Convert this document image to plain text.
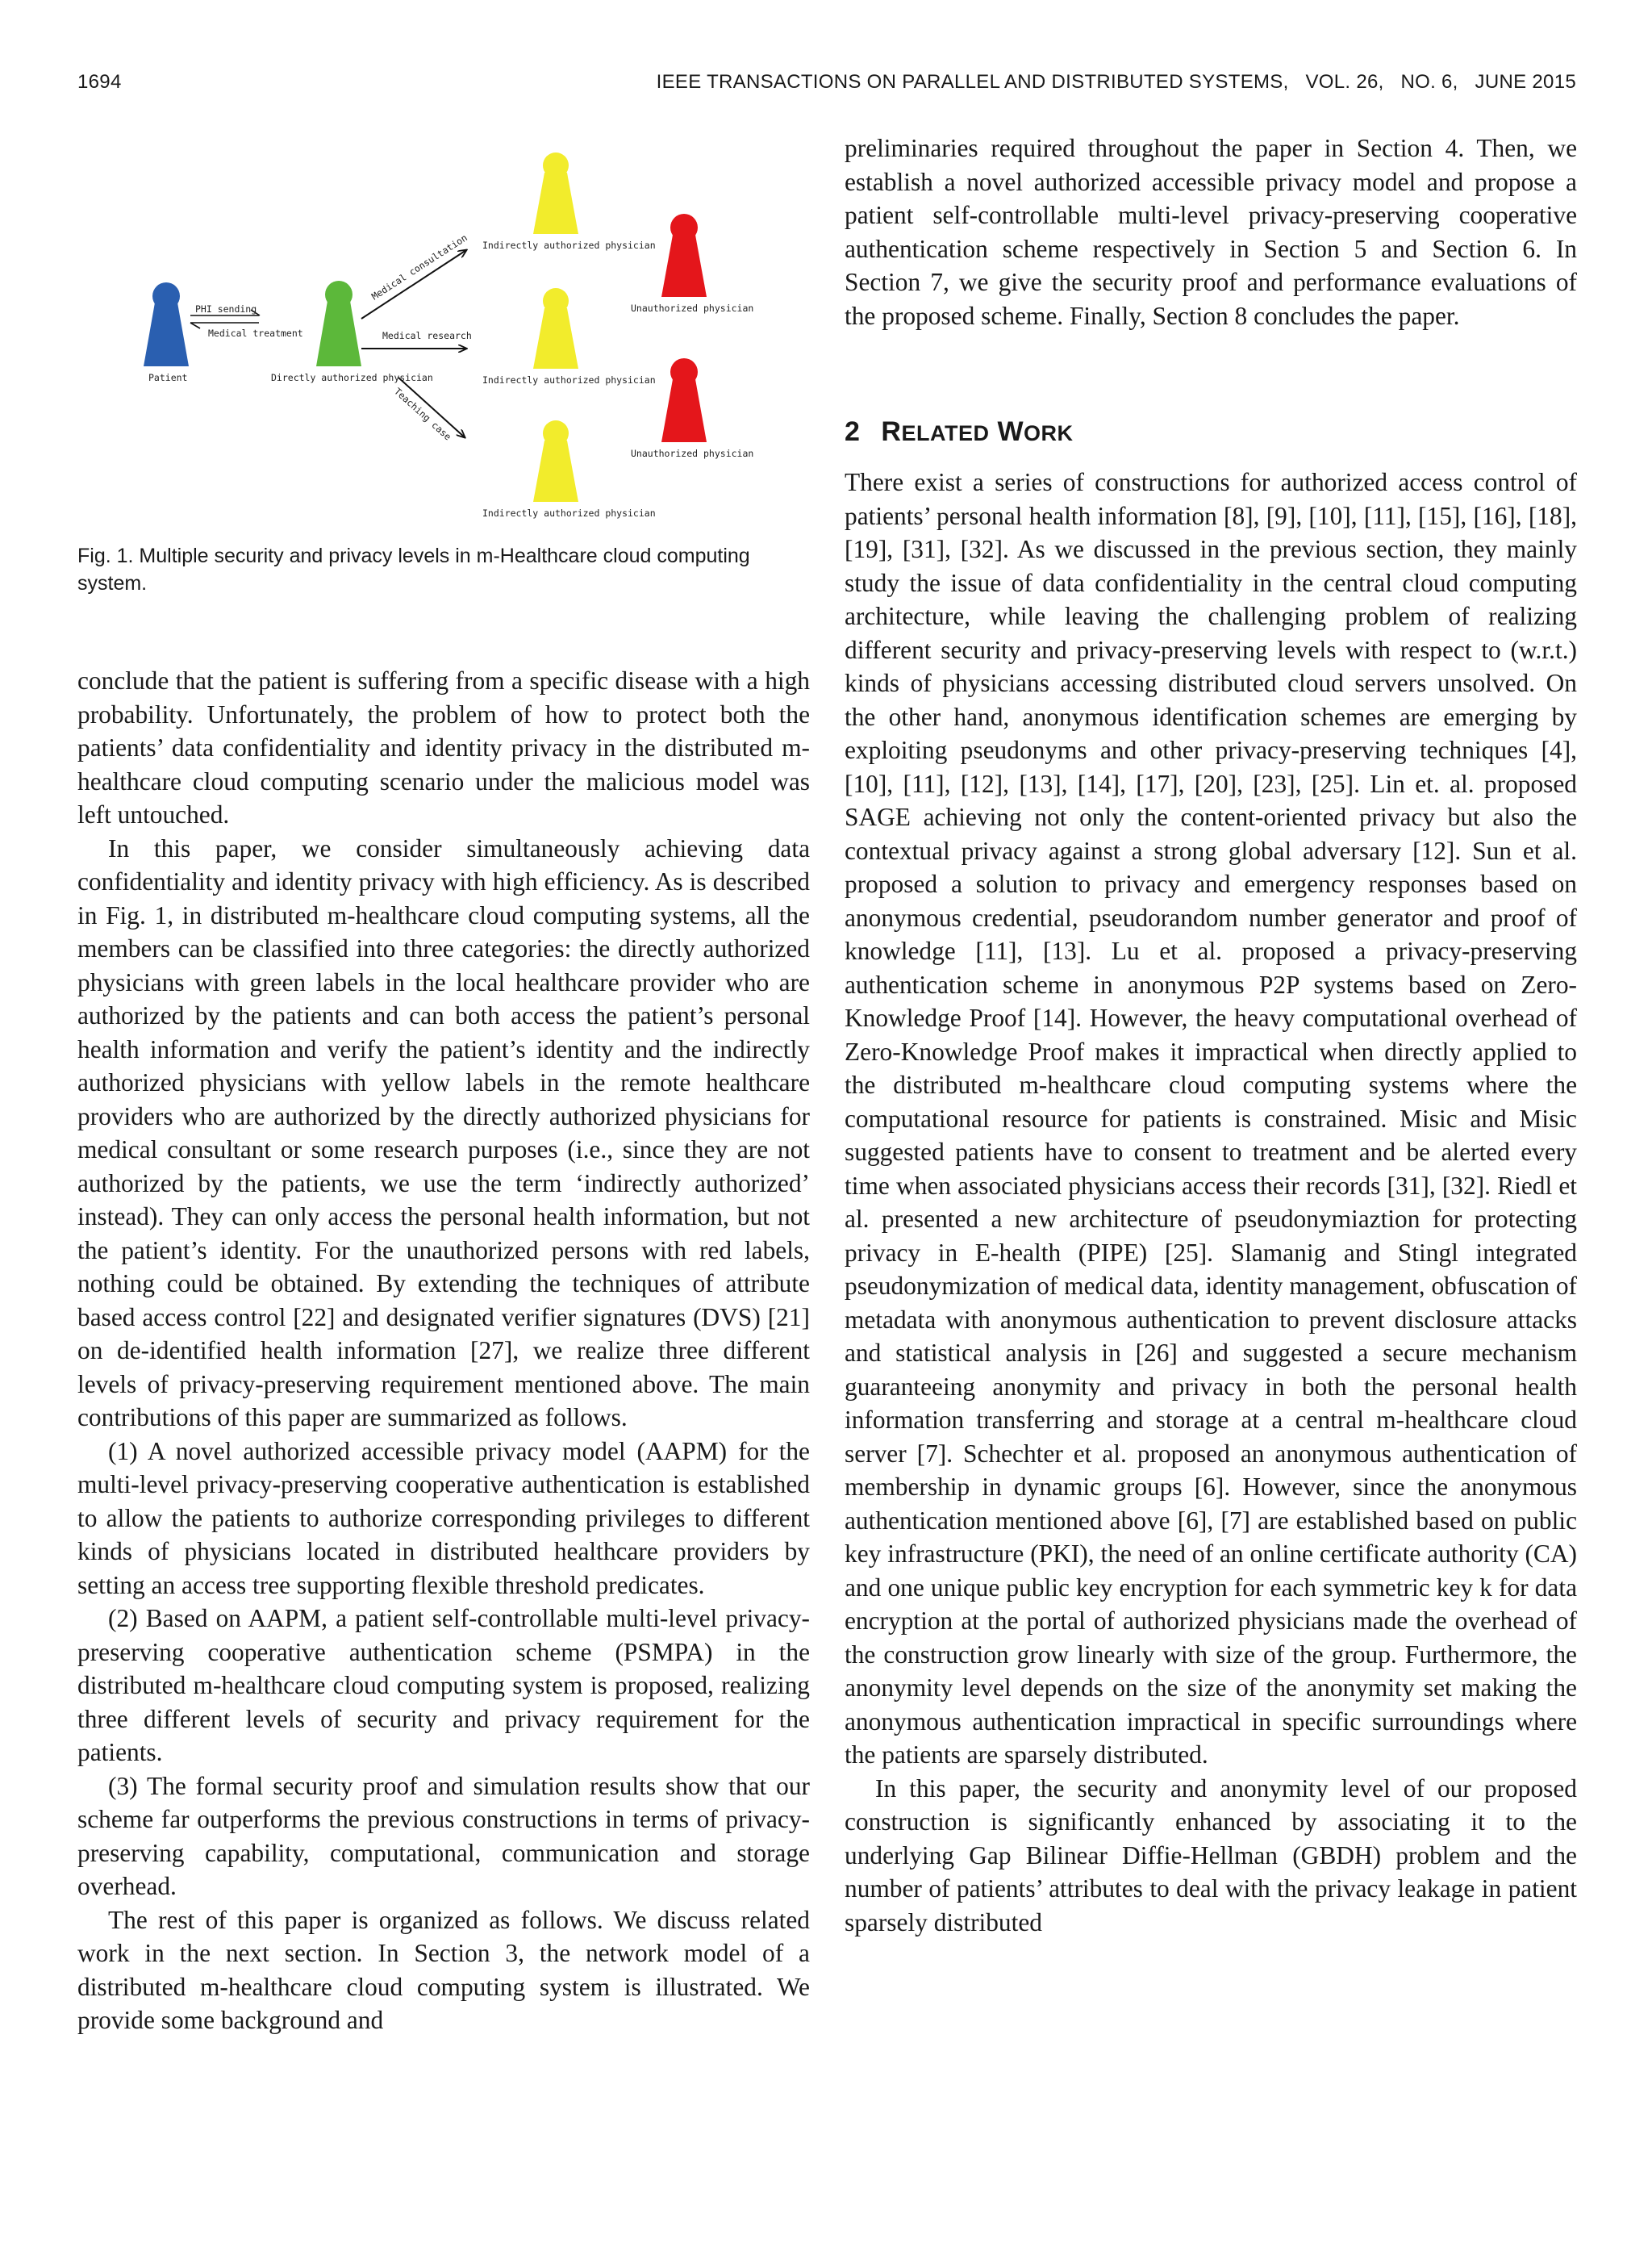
1694	IEEE TRANSACTIONS ON PARALLEL AND DISTRIBUTED SYSTEMS,   VOL. 26,   NO. 6,   JUNE 2015
Patient
PHI sending
Medical treatment
Directly authorized physician
Medical consultation
Medical research
Teaching case
Indirectly authorized physician
Indirectly authorized physician
Indirectly authorized physician
Unauthorized physician
Unauthorized physician
Fig. 1. Multiple security and privacy levels in m-Healthcare cloud computing system.

conclude that the patient is suffering from a specific disease with a high probability. Unfortunately, the problem of how to protect both the patients’ data confidentiality and identity privacy in the distributed m-healthcare cloud computing scenario under the malicious model was left untouched.

In this paper, we consider simultaneously achieving data confidentiality and identity privacy with high efficiency. As is described in Fig. 1, in distributed m-healthcare cloud computing systems, all the members can be classified into three categories: the directly authorized physicians with green labels in the local healthcare provider who are authorized by the patients and can both access the patient’s personal health information and verify the patient’s identity and the indirectly authorized physicians with yellow labels in the remote healthcare providers who are authorized by the directly authorized physicians for medical consultant or some research purposes (i.e., since they are not authorized by the patients, we use the term ‘indirectly authorized’ instead). They can only access the personal health information, but not the patient’s identity. For the unauthorized persons with red labels, nothing could be obtained. By extending the techniques of attribute based access control [22] and designated verifier signatures (DVS) [21] on de-identified health information [27], we realize three different levels of privacy-preserving requirement mentioned above. The main contributions of this paper are summarized as follows.

(1) A novel authorized accessible privacy model (AAPM) for the multi-level privacy-preserving cooperative authentication is established to allow the patients to authorize corresponding privileges to different kinds of physicians located in distributed healthcare providers by setting an access tree supporting flexible threshold predicates.

(2) Based on AAPM, a patient self-controllable multi-level privacy-preserving cooperative authentication scheme (PSMPA) in the distributed m-healthcare cloud computing system is proposed, realizing three different levels of security and privacy requirement for the patients.

(3) The formal security proof and simulation results show that our scheme far outperforms the previous constructions in terms of privacy-preserving capability, computational, communication and storage overhead.

The rest of this paper is organized as follows. We discuss related work in the next section. In Section 3, the network model of a distributed m-healthcare cloud computing system is illustrated. We provide some background and

preliminaries required throughout the paper in Section 4. Then, we establish a novel authorized accessible privacy model and propose a patient self-controllable multi-level privacy-preserving cooperative authentication scheme respectively in Section 5 and Section 6. In Section 7, we give the security proof and performance evaluations of the proposed scheme. Finally, Section 8 concludes the paper.

2 RELATED WORK

There exist a series of constructions for authorized access control of patients’ personal health information [8], [9], [10], [11], [15], [16], [18], [19], [31], [32]. As we discussed in the previous section, they mainly study the issue of data confidentiality in the central cloud computing architecture, while leaving the challenging problem of realizing different security and privacy-preserving levels with respect to (w.r.t.) kinds of physicians accessing distributed cloud servers unsolved. On the other hand, anonymous identification schemes are emerging by exploiting pseudonyms and other privacy-preserving techniques [4], [10], [11], [12], [13], [14], [17], [20], [23], [25]. Lin et. al. proposed SAGE achieving not only the content-oriented privacy but also the contextual privacy against a strong global adversary [12]. Sun et al. proposed a solution to privacy and emergency responses based on anonymous credential, pseudorandom number generator and proof of knowledge [11], [13]. Lu et al. proposed a privacy-preserving authentication scheme in anonymous P2P systems based on Zero-Knowledge Proof [14]. However, the heavy computational overhead of Zero-Knowledge Proof makes it impractical when directly applied to the distributed m-healthcare cloud computing systems where the computational resource for patients is constrained. Misic and Misic suggested patients have to consent to treatment and be alerted every time when associated physicians access their records [31], [32]. Riedl et al. presented a new architecture of pseudonymiaztion for protecting privacy in E-health (PIPE) [25]. Slamanig and Stingl integrated pseudonymization of medical data, identity management, obfuscation of metadata with anonymous authentication to prevent disclosure attacks and statistical analysis in [26] and suggested a secure mechanism guaranteeing anonymity and privacy in both the personal health information transferring and storage at a central m-healthcare cloud server [7]. Schechter et al. proposed an anonymous authentication of membership in dynamic groups [6]. However, since the anonymous authentication mentioned above [6], [7] are established based on public key infrastructure (PKI), the need of an online certificate authority (CA) and one unique public key encryption for each symmetric key k for data encryption at the portal of authorized physicians made the overhead of the construction grow linearly with size of the group. Furthermore, the anonymity level depends on the size of the anonymity set making the anonymous authentication impractical in specific surroundings where the patients are sparsely distributed.

In this paper, the security and anonymity level of our proposed construction is significantly enhanced by associating it to the underlying Gap Bilinear Diffie-Hellman (GBDH) problem and the number of patients’ attributes to deal with the privacy leakage in patient sparsely distributed
